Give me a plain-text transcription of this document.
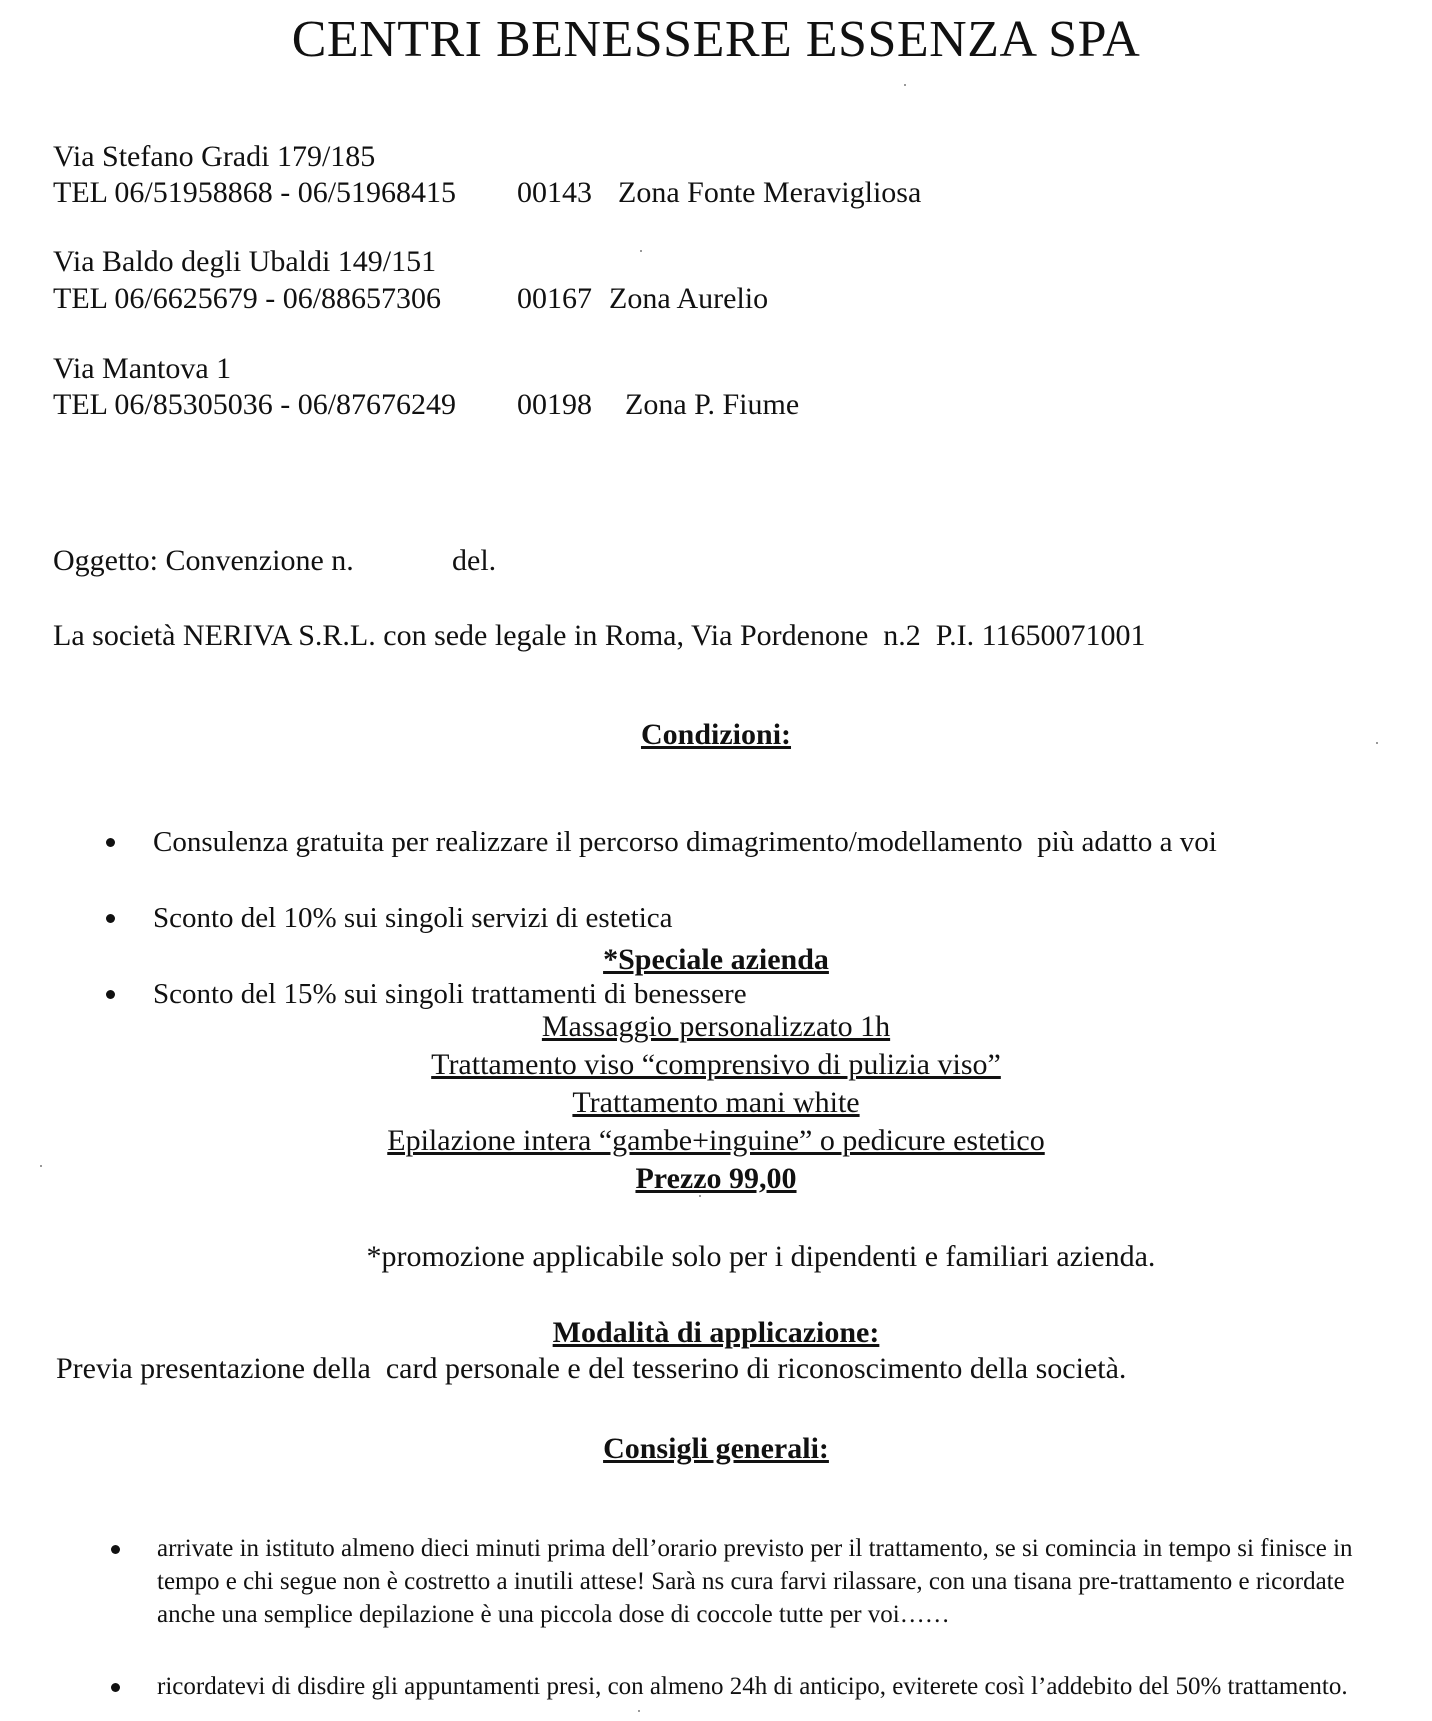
CENTRI BENESSERE ESSENZA SPA
Via Stefano Gradi 179/185
TEL 06/51958868 - 06/51968415 00143 Zona Fonte Meravigliosa
Via Baldo degli Ubaldi 149/151
TEL 06/6625679 - 06/88657306	00167 Zona Aurelio
Via Mantova 1
TEL 06/85305036 - 06/87676249 00198 Zona P. Fiume
Oggetto: Convenzione n.	del.
La società NERIVA S.R.L. con sede legale in Roma, Via Pordenone  n.2  P.I. 11650071001
Condizioni:

Consulenza gratuita per realizzare il percorso dimagrimento/modellamento  più adatto a voi

Sconto del 10% sui singoli servizi di estetica

Sconto del 15% sui singoli trattamenti di benessere

*Speciale azienda
Massaggio personalizzato 1h
Trattamento viso “comprensivo di pulizia viso”
Trattamento mani white
Epilazione intera “gambe+inguine” o pedicure estetico
Prezzo 99,00
*promozione applicabile solo per i dipendenti e familiari azienda.
Modalità di applicazione:
Previa presentazione della  card personale e del tesserino di riconoscimento della società.
Consigli generali:

arrivate in istituto almeno dieci minuti prima dell’orario previsto per il trattamento, se si comincia in tempo si finisce in tempo e chi segue non è costretto a inutili attese! Sarà ns cura farvi rilassare, con una tisana pre-trattamento e ricordate anche una semplice depilazione è una piccola dose di coccole tutte per voi……

ricordatevi di disdire gli appuntamenti presi, con almeno 24h di anticipo, eviterete così l’addebito del 50% trattamento.
